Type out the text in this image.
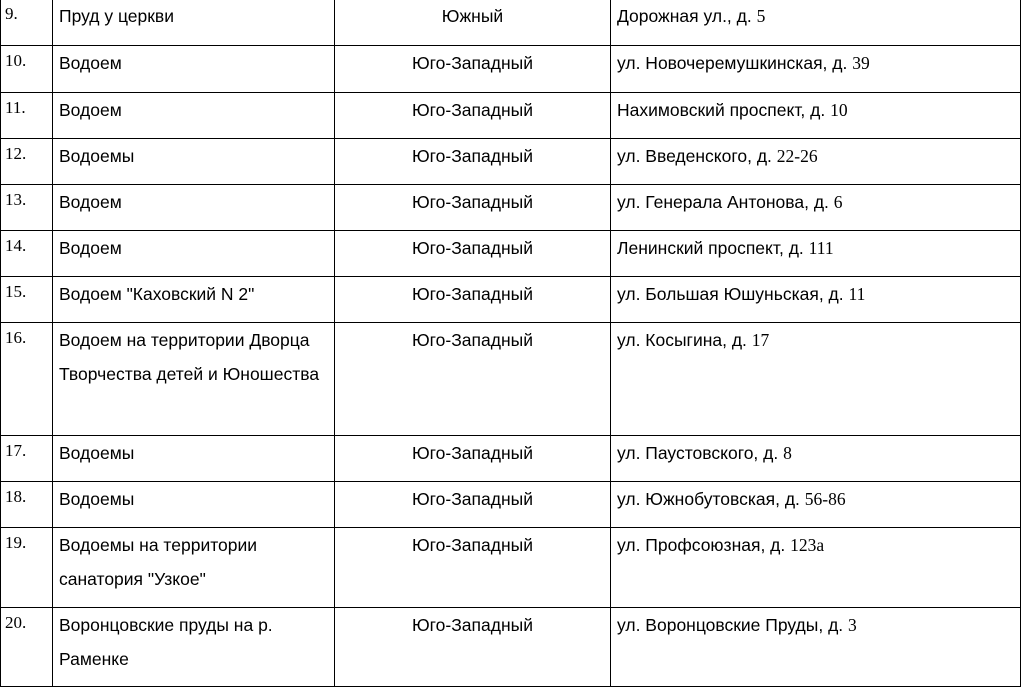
9.	Пруд у церкви	Южный	Дорожная ул., д. 5
10.	Водоем	Юго-Западный	ул. Новочеремушкинская, д. 39
11.	Водоем	Юго-Западный	Нахимовский проспект, д. 10
12.	Водоемы	Юго-Западный	ул. Введенского, д. 22-26
13.	Водоем	Юго-Западный	ул. Генерала Антонова, д. 6
14.	Водоем	Юго-Западный	Ленинский проспект, д. 111
15.	Водоем "Каховский N 2"	Юго-Западный	ул. Большая Юшуньская, д. 11
16.	Водоем на территории Дворца Творчества детей и Юношества	Юго-Западный	ул. Косыгина, д. 17
17.	Водоемы	Юго-Западный	ул. Паустовского, д. 8
18.	Водоемы	Юго-Западный	ул. Южнобутовская, д. 56-86
19.	Водоемы на территории санатория "Узкое"	Юго-Западный	ул. Профсоюзная, д. 123а
20.	Воронцовские пруды на р. Раменке	Юго-Западный	ул. Воронцовские Пруды, д. 3
